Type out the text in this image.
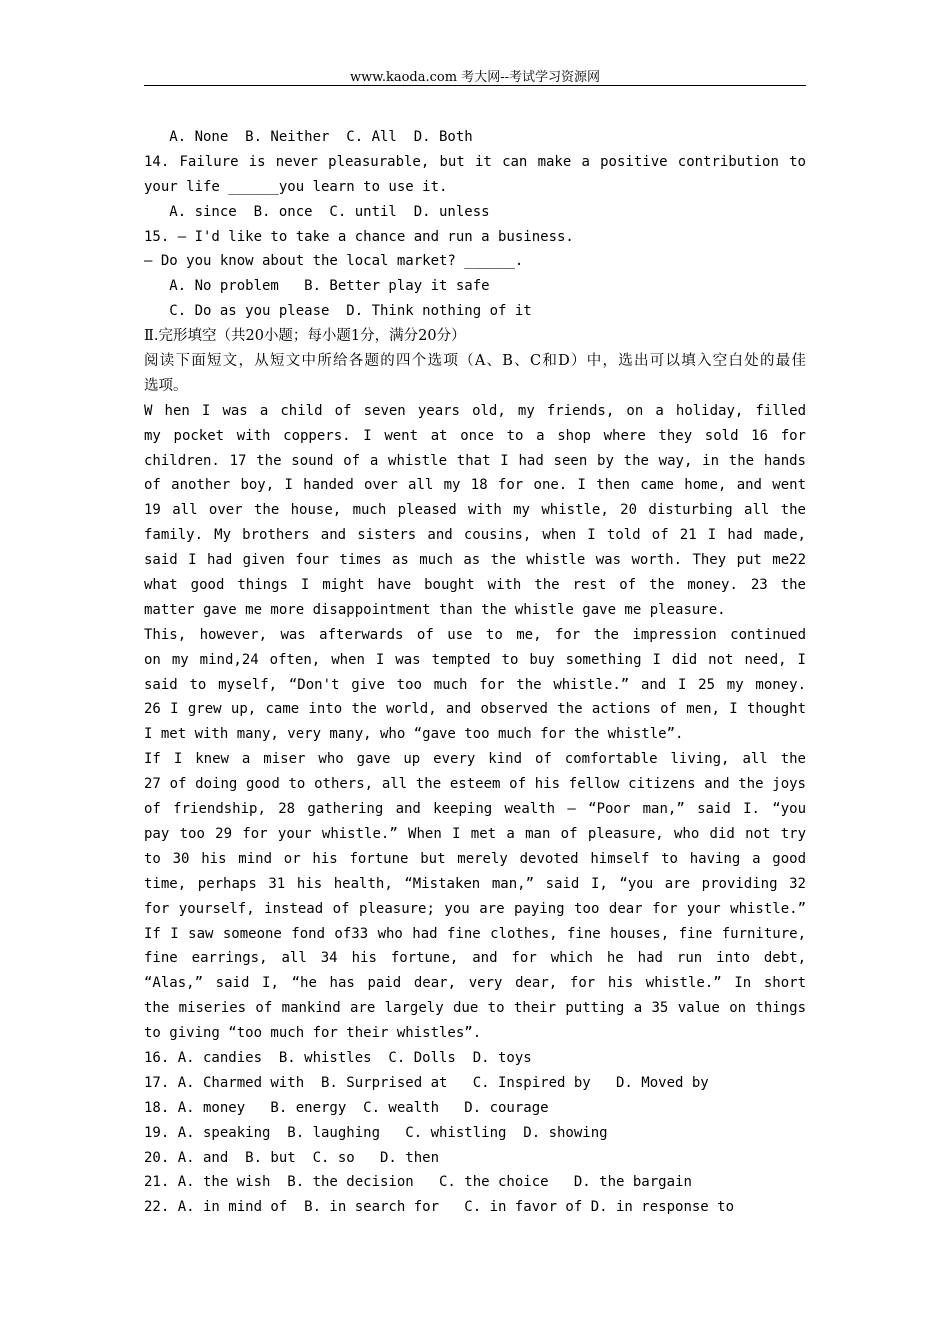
www.kaoda.com 考大网--考试学习资源网
A. None  B. Neither  C. All  D. Both
14. Failure is never pleasurable, but it can make a positive contribution to
your life ______you learn to use it.
A. since  B. once  C. until  D. unless
15. — I'd like to take a chance and run a business.
— Do you know about the local market? ______.
A. No problem   B. Better play it safe
C. Do as you please  D. Think nothing of it
Ⅱ.完形填空（共20小题；每小题1分，满分20分）
阅读下面短文，从短文中所给各题的四个选项（A、B、C和D）中，选出可以填入空白处的最佳
选项。
W hen I was a child of seven years old, my friends, on a holiday, filled
my pocket with coppers. I went at once to a shop where they sold 16 for
children. 17 the sound of a whistle that I had seen by the way, in the hands
of another boy, I handed over all my 18 for one. I then came home, and went
19 all over the house, much pleased with my whistle, 20 disturbing all the
family. My brothers and sisters and cousins, when I told of 21 I had made,
said I had given four times as much as the whistle was worth. They put me22
what good things I might have bought with the rest of the money. 23 the
matter gave me more disappointment than the whistle gave me pleasure.
This, however, was afterwards of use to me, for the impression continued
on my mind,24 often, when I was tempted to buy something I did not need, I
said to myself, “Don't give too much for the whistle.” and I 25 my money.
26 I grew up, came into the world, and observed the actions of men, I thought
I met with many, very many, who “gave too much for the whistle”.
If I knew a miser who gave up every kind of comfortable living, all the
27 of doing good to others, all the esteem of his fellow citizens and the joys
of friendship, 28 gathering and keeping wealth — “Poor man,” said I. “you
pay too 29 for your whistle.” When I met a man of pleasure, who did not try
to 30 his mind or his fortune but merely devoted himself to having a good
time, perhaps 31 his health, “Mistaken man,” said I, “you are providing 32
for yourself, instead of pleasure; you are paying too dear for your whistle.”
If I saw someone fond of33 who had fine clothes, fine houses, fine furniture,
fine earrings, all 34 his fortune, and for which he had run into debt,
“Alas,” said I, “he has paid dear, very dear, for his whistle.” In short
the miseries of mankind are largely due to their putting a 35 value on things
to giving “too much for their whistles”.
16. A. candies  B. whistles  C. Dolls  D. toys
17. A. Charmed with  B. Surprised at   C. Inspired by   D. Moved by
18. A. money   B. energy  C. wealth   D. courage
19. A. speaking  B. laughing   C. whistling  D. showing
20. A. and  B. but  C. so   D. then
21. A. the wish  B. the decision   C. the choice   D. the bargain
22. A. in mind of  B. in search for   C. in favor of D. in response to
